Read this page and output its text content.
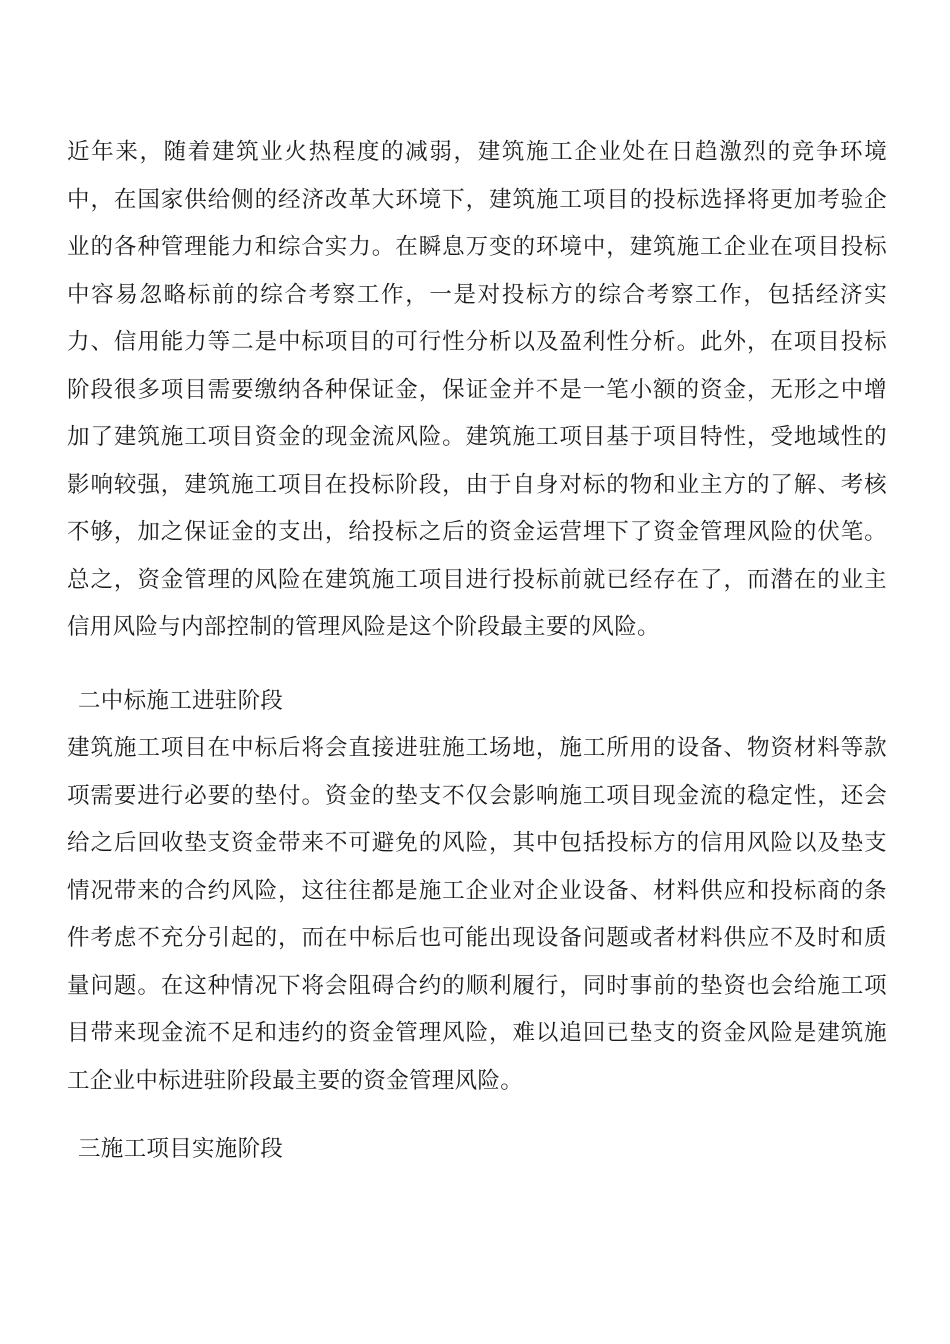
近年来，随着建筑业火热程度的减弱，建筑施工企业处在日趋激烈的竞争环境中，在国家供给侧的经济改革大环境下，建筑施工项目的投标选择将更加考验企业的各种管理能力和综合实力。在瞬息万变的环境中，建筑施工企业在项目投标中容易忽略标前的综合考察工作，一是对投标方的综合考察工作，包括经济实力、信用能力等二是中标项目的可行性分析以及盈利性分析。此外，在项目投标阶段很多项目需要缴纳各种保证金，保证金并不是一笔小额的资金，无形之中增加了建筑施工项目资金的现金流风险。建筑施工项目基于项目特性，受地域性的影响较强，建筑施工项目在投标阶段，由于自身对标的物和业主方的了解、考核不够，加之保证金的支出，给投标之后的资金运营埋下了资金管理风险的伏笔。总之，资金管理的风险在建筑施工项目进行投标前就已经存在了，而潜在的业主信用风险与内部控制的管理风险是这个阶段最主要的风险。

二中标施工进驻阶段

建筑施工项目在中标后将会直接进驻施工场地，施工所用的设备、物资材料等款项需要进行必要的垫付。资金的垫支不仅会影响施工项目现金流的稳定性，还会给之后回收垫支资金带来不可避免的风险，其中包括投标方的信用风险以及垫支情况带来的合约风险，这往往都是施工企业对企业设备、材料供应和投标商的条件考虑不充分引起的，而在中标后也可能出现设备问题或者材料供应不及时和质量问题。在这种情况下将会阻碍合约的顺利履行，同时事前的垫资也会给施工项目带来现金流不足和违约的资金管理风险，难以追回已垫支的资金风险是建筑施工企业中标进驻阶段最主要的资金管理风险。

三施工项目实施阶段
